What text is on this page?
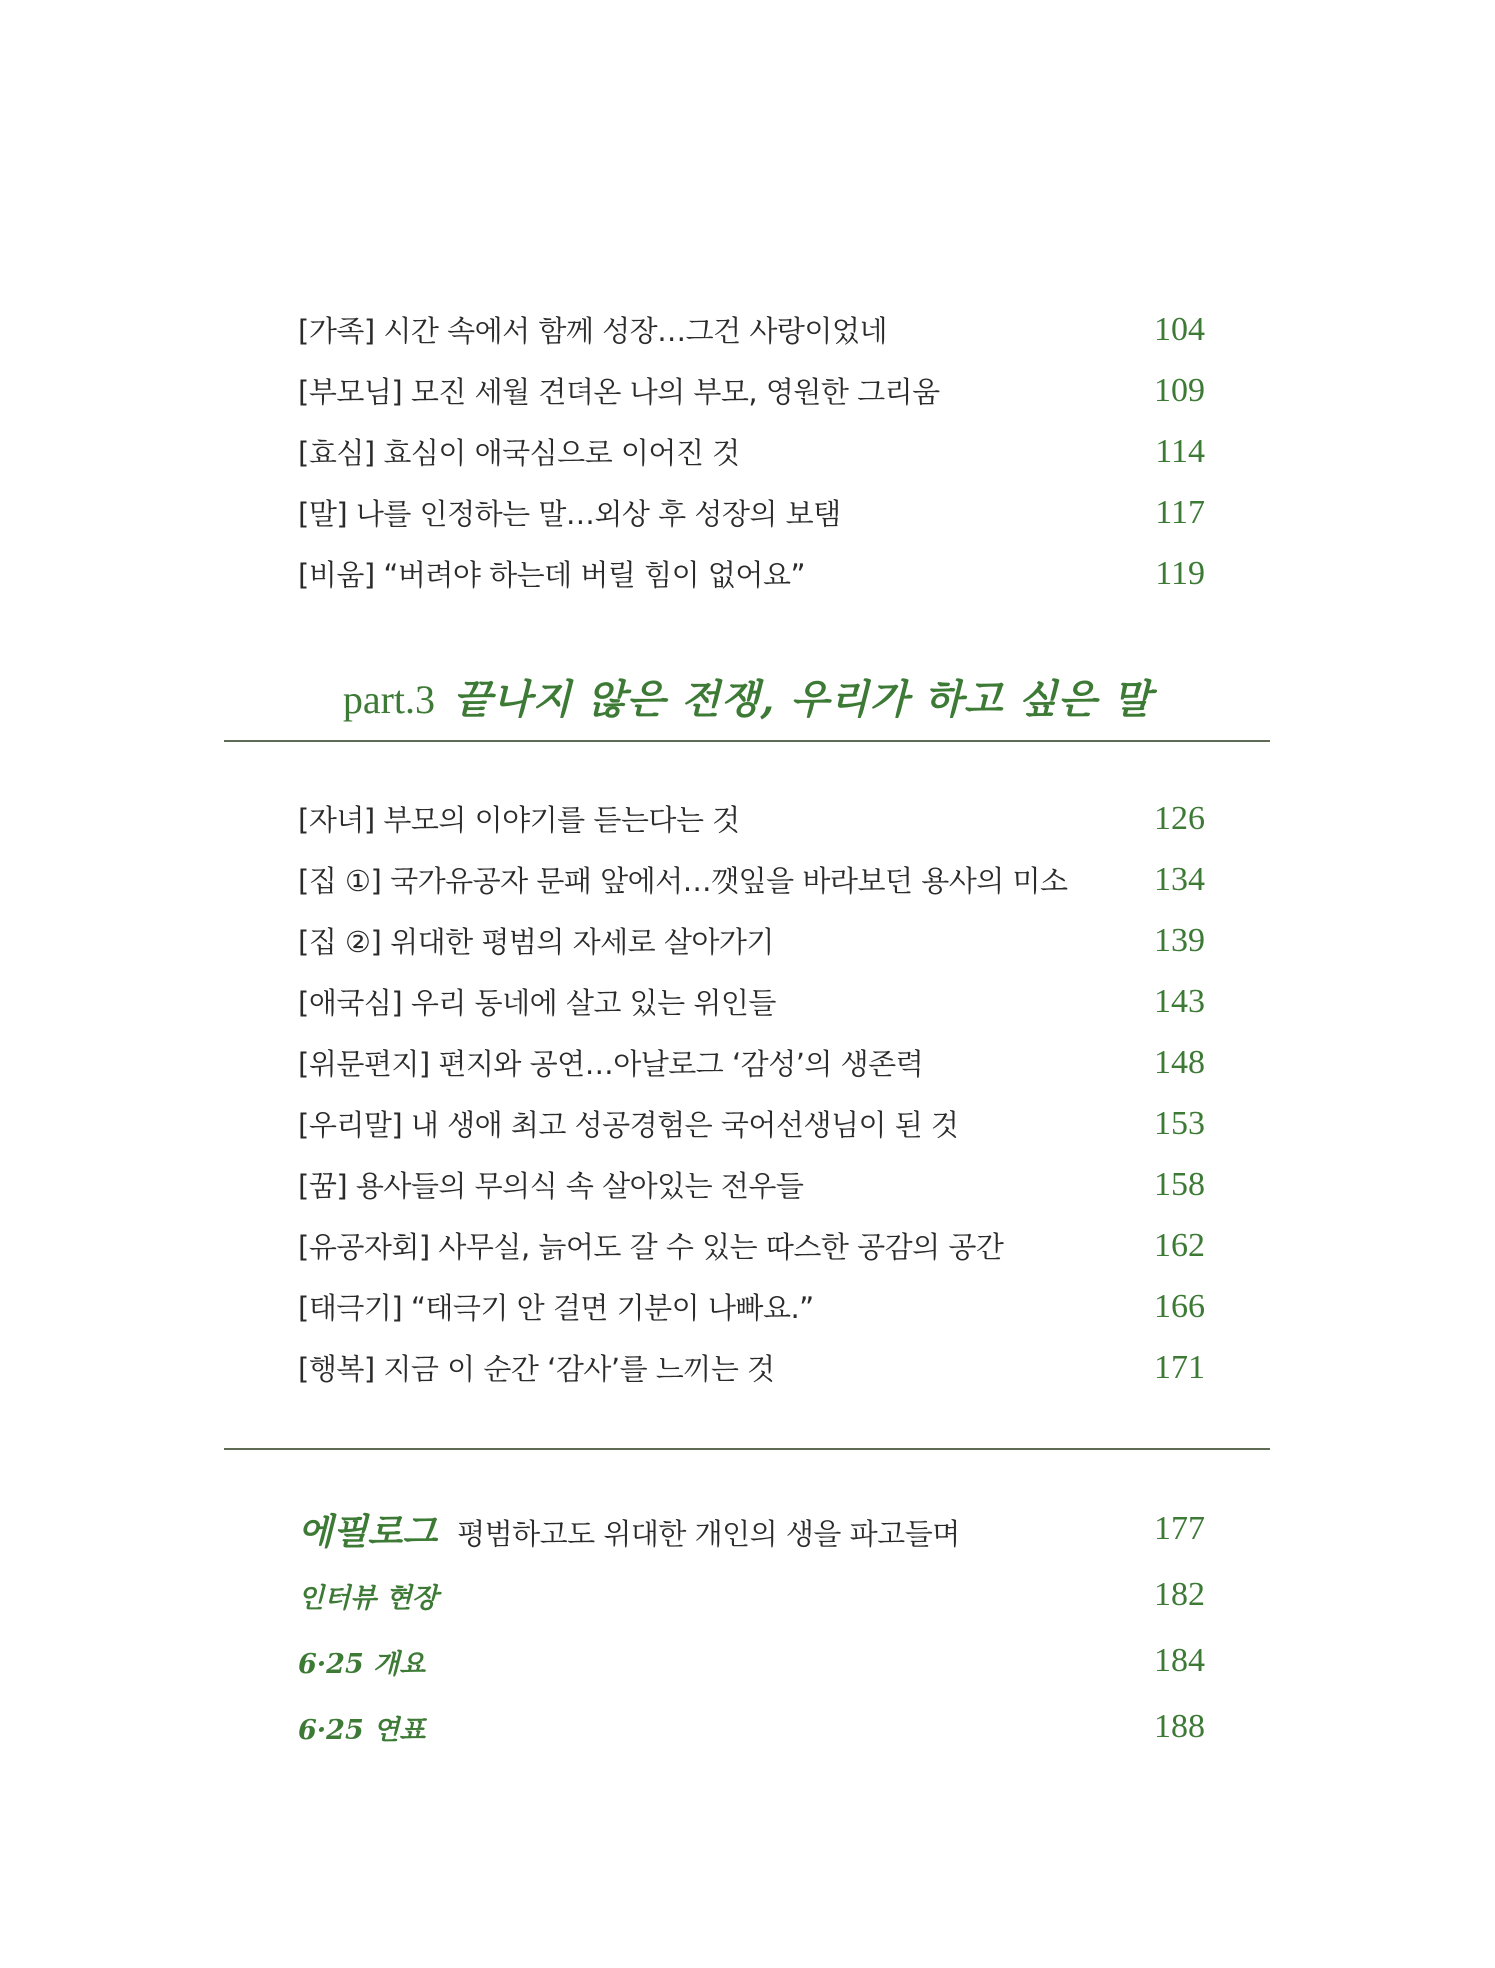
[가족] 시간 속에서 함께 성장…그건 사랑이었네	104
[부모님] 모진 세월 견뎌온 나의 부모, 영원한 그리움	109
[효심] 효심이 애국심으로 이어진 것	114
[말] 나를 인정하는 말…외상 후 성장의 보탬	117
[비움] “버려야 하는데 버릴 힘이 없어요”	119
part.3 끝나지 않은 전쟁, 우리가 하고 싶은 말
[자녀] 부모의 이야기를 듣는다는 것	126
[집 ①] 국가유공자 문패 앞에서…깻잎을 바라보던 용사의 미소	134
[집 ②] 위대한 평범의 자세로 살아가기	139
[애국심] 우리 동네에 살고 있는 위인들	143
[위문편지] 편지와 공연…아날로그 ‘감성’의 생존력	148
[우리말] 내 생애 최고 성공경험은 국어선생님이 된 것	153
[꿈] 용사들의 무의식 속 살아있는 전우들	158
[유공자회] 사무실, 늙어도 갈 수 있는 따스한 공감의 공간	162
[태극기] “태극기 안 걸면 기분이 나빠요.”	166
[행복] 지금 이 순간 ‘감사’를 느끼는 것	171
에필로그 평범하고도 위대한 개인의 생을 파고들며	177
인터뷰 현장	182
6·25 개요	184
6·25 연표	188
